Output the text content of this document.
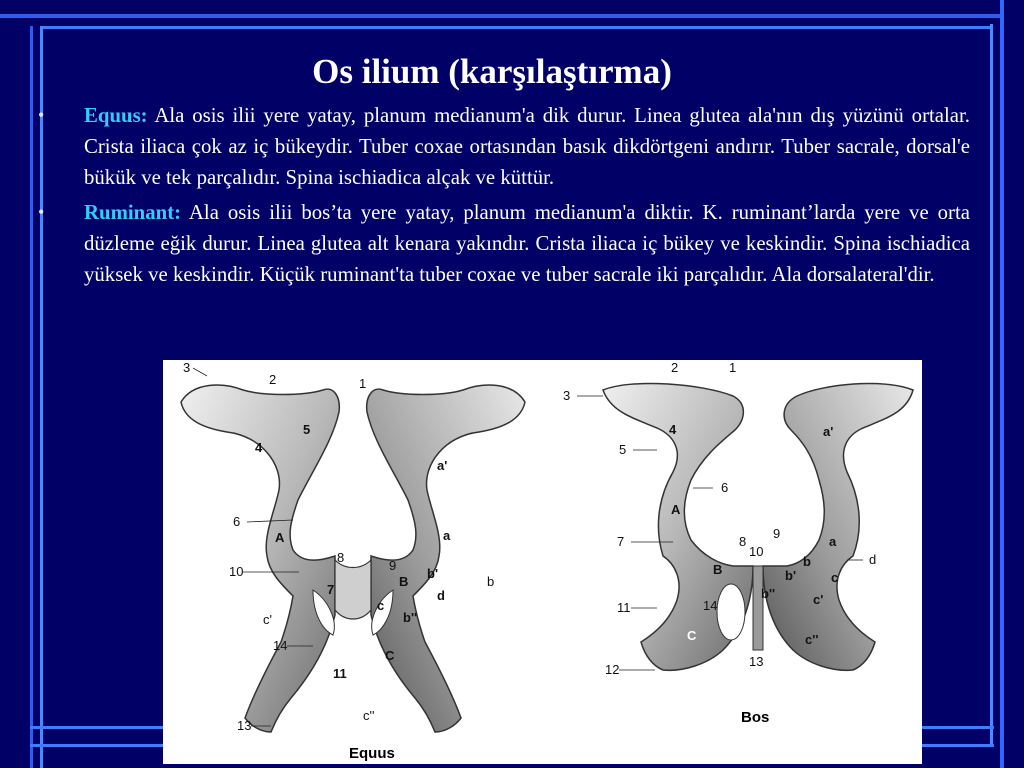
Os ilium (karşılaştırma)
• Equus: Ala osis ilii yere yatay, planum medianum'a dik durur. Linea glutea ala'nın dış yüzünü ortalar. Crista iliaca çok az iç bükeydir. Tuber coxae ortasından basık dikdörtgeni andırır. Tuber sacrale, dorsal'e bükük ve tek parçalıdır. Spina ischiadica alçak ve küttür.
• Ruminant: Ala osis ilii bos’ta yere yatay, planum medianum'a diktir. K. ruminant’larda yere ve orta düzleme eğik durur. Linea glutea alt kenara yakındır. Crista iliaca iç bükey ve keskindir. Spina ischiadica yüksek ve keskindir. Küçük ruminant'ta tuber coxae ve tuber sacrale iki parçalıdır. Ala dorsalateral'dir.
3
2	1
4
5
a'
6
A	a
8
9
10
7
B
b'
b
d
c
b''
c'
14
11
C
c''
13
2	1
3
4	a'
5
6
A
8
9
7
10
B	b'
b
a
d
c
11	14
b''	c'
C	c''
13
12
Equus
Bos
